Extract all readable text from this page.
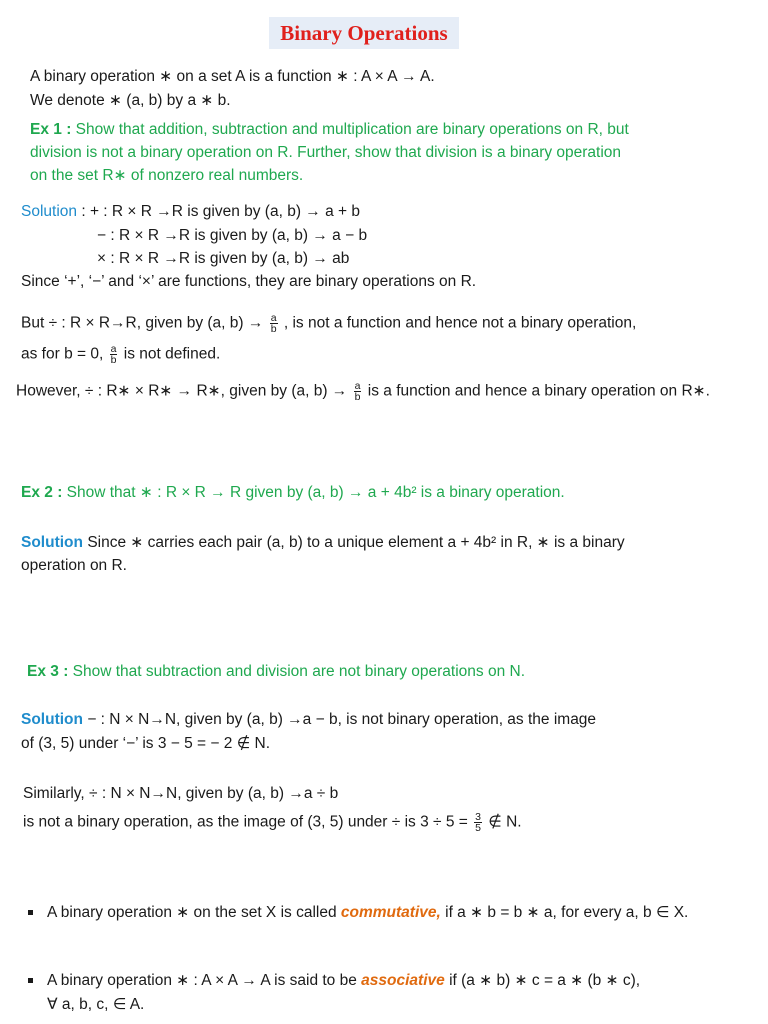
Binary Operations
A binary operation ∗ on a set A is a function ∗ : A × A → A.
We denote ∗ (a, b) by a ∗ b.
Ex 1 : Show that addition, subtraction and multiplication are binary operations on R, but
division is not a binary operation on R. Further, show that division is a binary operation
on the set R∗ of nonzero real numbers.
Solution : + : R × R →R is given by (a, b) → a + b
− : R × R →R is given by (a, b) → a − b
× : R × R →R is given by (a, b) → ab
Since ‘+’, ‘−’ and ‘×’ are functions, they are binary operations on R.
But ÷ : R × R→R, given by (a, $b) \to \frac{a}{b}$ , is not a function and hence not a binary operation,
as for b = 0, $\frac{a}{b}$ is not defined.
However, ÷ : R∗ × R∗ → R∗, given by (a, $b) \to \frac{a}{b}$ is a function and hence a binary operation on R∗.
Ex 2 : Show that ∗ : R × R → R given by (a, b) → a + 4b² is a binary operation.
Solution Since ∗ carries each pair (a, b) to a unique element a + 4b² in R, ∗ is a binary
operation on R.
Ex 3 : Show that subtraction and division are not binary operations on N.
Solution − : N × N→N, given by (a, b) →a − b, is not binary operation, as the image
of (3, 5) under ‘−’ is 3 − 5 = − 2 ∉ N.
Similarly, ÷ : N × N→N, given by (a, b) →a ÷ b
is not a binary operation, as the image of (3, 5) under ÷ is $3 \div 5 = \frac{3}{5}$ ∉ N.
A binary operation ∗ on the set X is called commutative, if a ∗ b = b ∗ a, for every a, b ∈ X.
A binary operation ∗ : A × A → A is said to be associative if (a ∗ b) ∗ c = a ∗ (b ∗ c),
∀ a, b, c, ∈ A.
